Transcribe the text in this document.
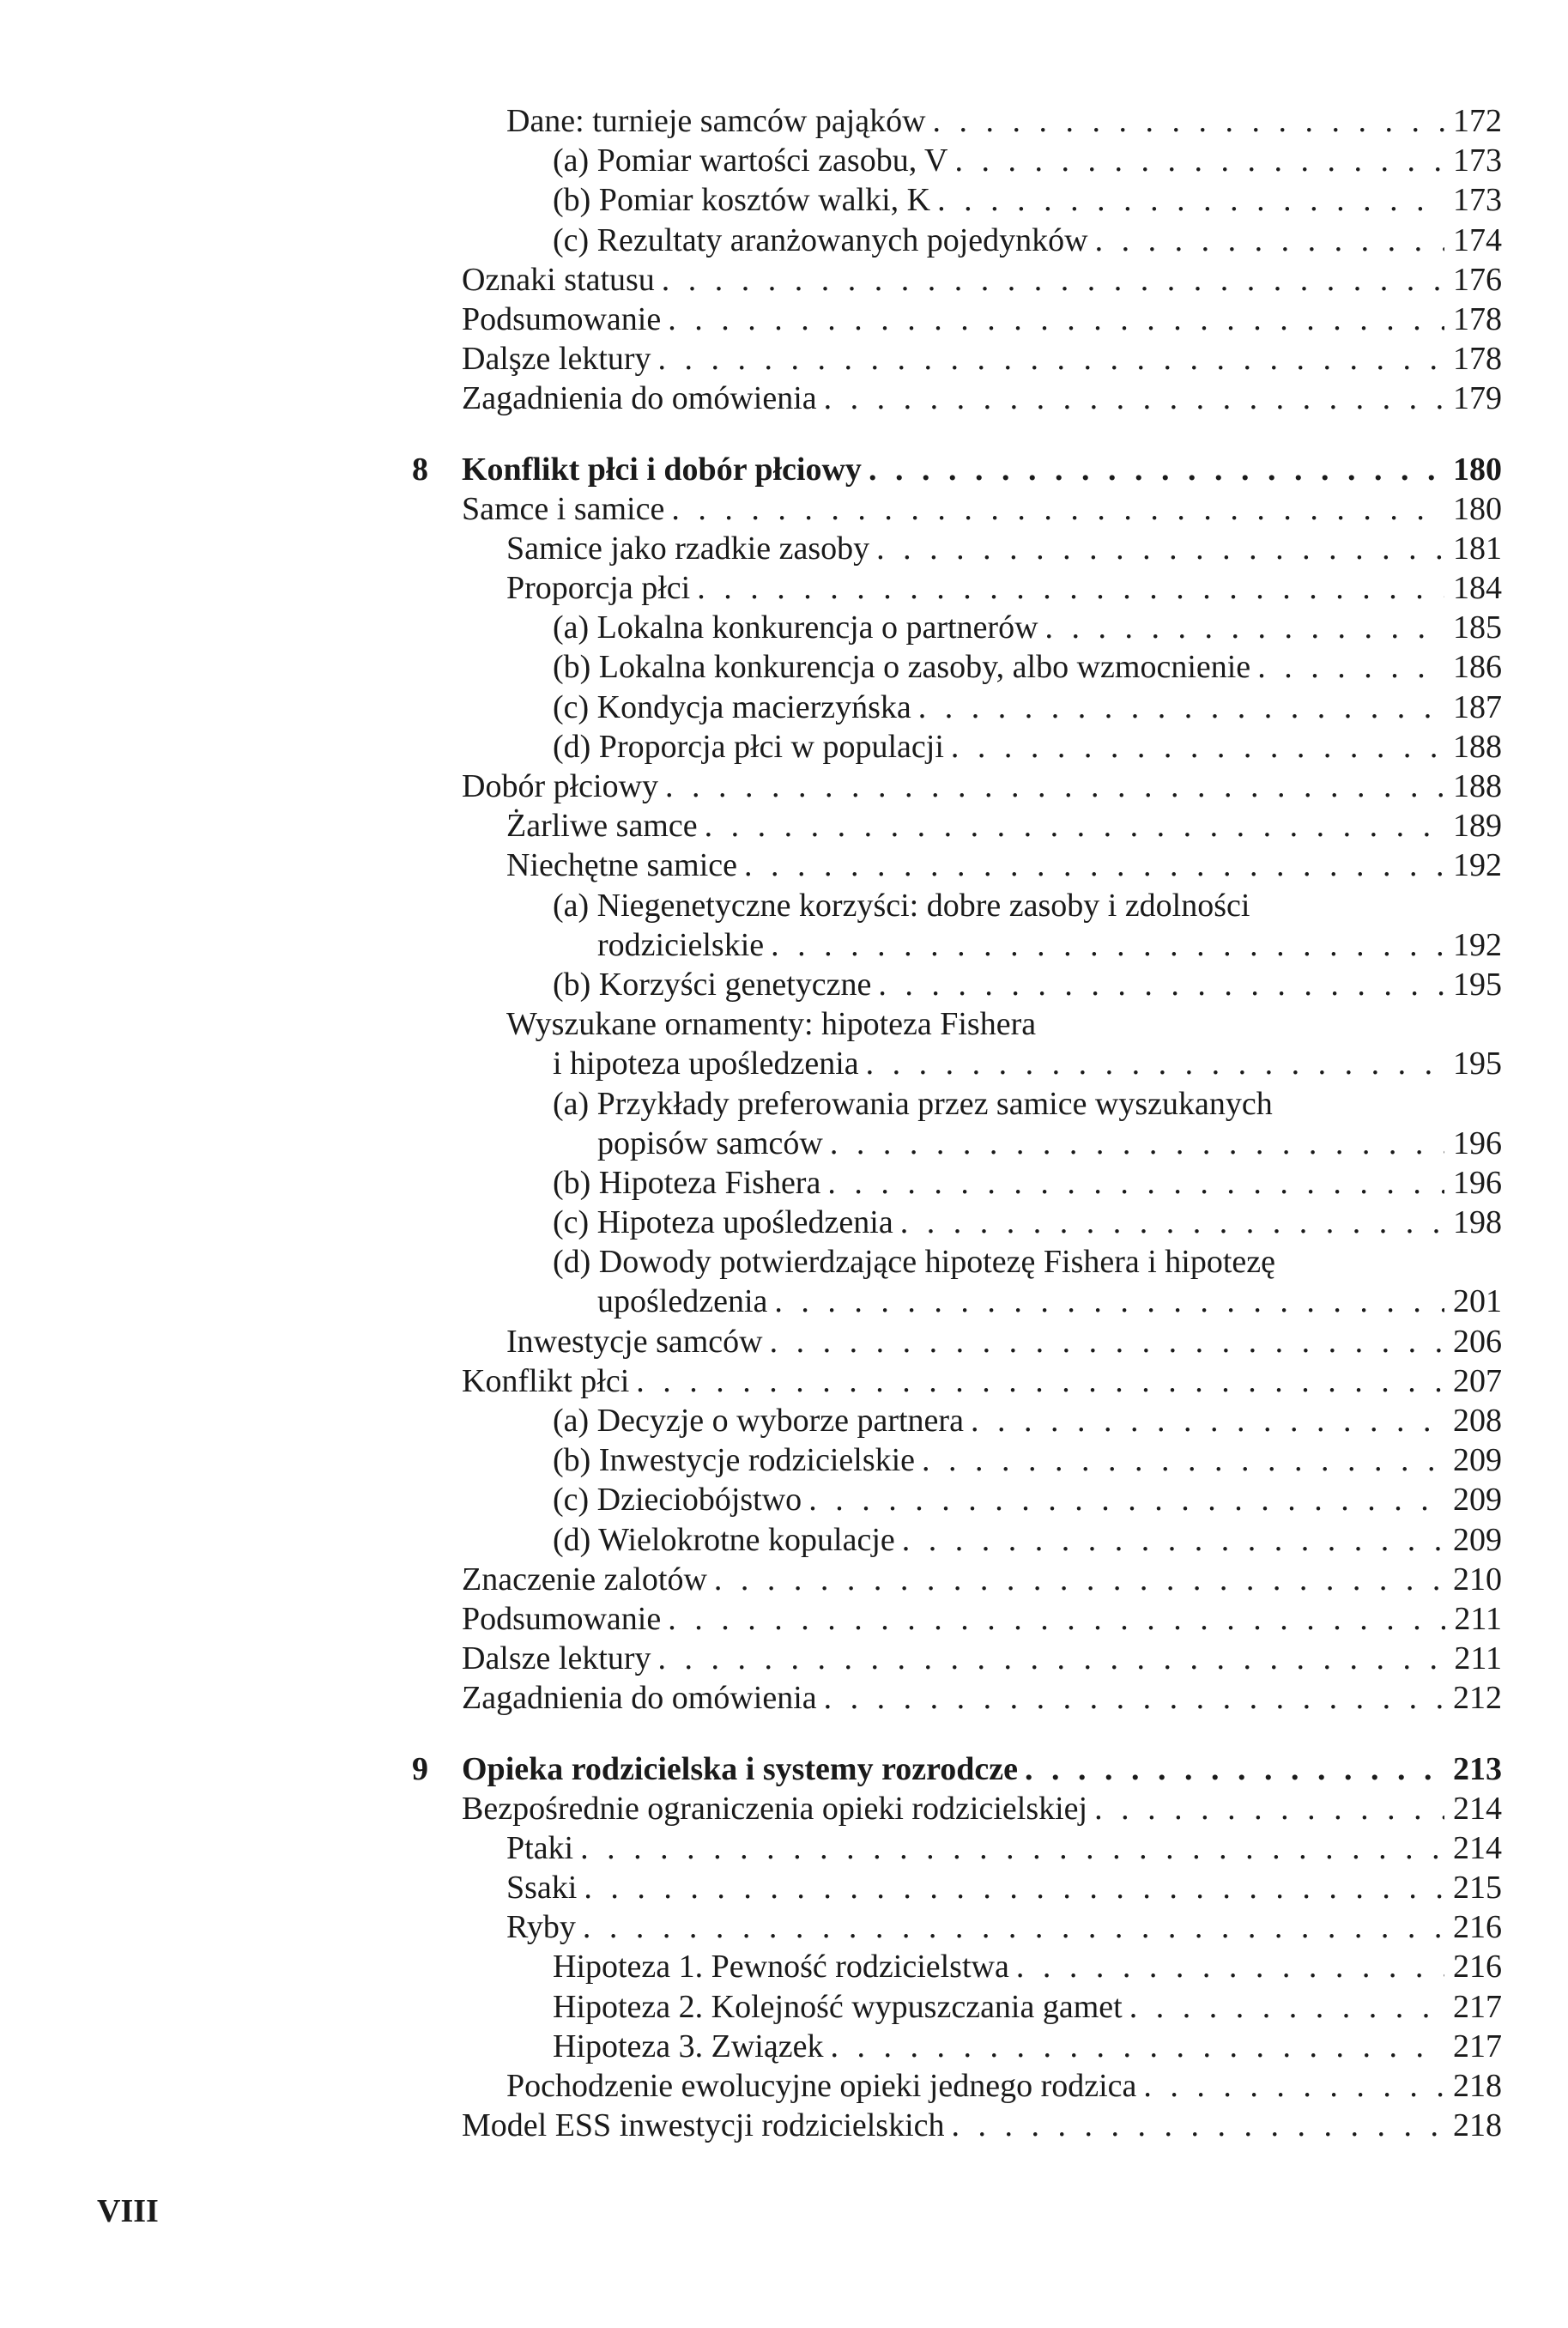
Dane: turnieje samców pająków . . .	172
(a) Pomiar wartości zasobu, V . . .	173
(b) Pomiar kosztów walki, K . . .	173
(c) Rezultaty aranżowanych pojedynków . . .	174
Oznaki statusu . . .	176
Podsumowanie . . .	178
Dalşze lektury . . .	178
Zagadnienia do omówienia . . .	179
8 Konflikt płci i dobór płciowy . . .	180
Samce i samice . . .	180
Samice jako rzadkie zasoby . . .	181
Proporcja płci . . .	184
(a) Lokalna konkurencja o partnerów . . .	185
(b) Lokalna konkurencja o zasoby, albo wzmocnienie . . .	186
(c) Kondycja macierzyńska . . .	187
(d) Proporcja płci w populacji . . .	188
Dobór płciowy . . .	188
Żarliwe samce . . .	189
Niechętne samice . . .	192
(a) Niegenetyczne korzyści: dobre zasoby i zdolności
rodzicielskie . . .	192
(b) Korzyści genetyczne . . .	195
Wyszukane ornamenty: hipoteza Fishera
i hipoteza upośledzenia . . .	195
(a) Przykłady preferowania przez samice wyszukanych
popisów samców . . .	196
(b) Hipoteza Fishera . . .	196
(c) Hipoteza upośledzenia . . .	198
(d) Dowody potwierdzające hipotezę Fishera i hipotezę
upośledzenia . . .	201
Inwestycje samców . . .	206
Konflikt płci . . .	207
(a) Decyzje o wyborze partnera . . .	208
(b) Inwestycje rodzicielskie . . .	209
(c) Dzieciobójstwo . . .	209
(d) Wielokrotne kopulacje . . .	209
Znaczenie zalotów . . .	210
Podsumowanie . . .	211
Dalsze lektury . . .	211
Zagadnienia do omówienia . . .	212
9 Opieka rodzicielska i systemy rozrodcze . . .	213
Bezpośrednie ograniczenia opieki rodzicielskiej . . .	214
Ptaki . . .	214
Ssaki . . .	215
Ryby . . .	216
Hipoteza 1. Pewność rodzicielstwa . . .	216
Hipoteza 2. Kolejność wypuszczania gamet . . .	217
Hipoteza 3. Związek . . .	217
Pochodzenie ewolucyjne opieki jednego rodzica . . .	218
Model ESS inwestycji rodzicielskich . . .	218
VIII
